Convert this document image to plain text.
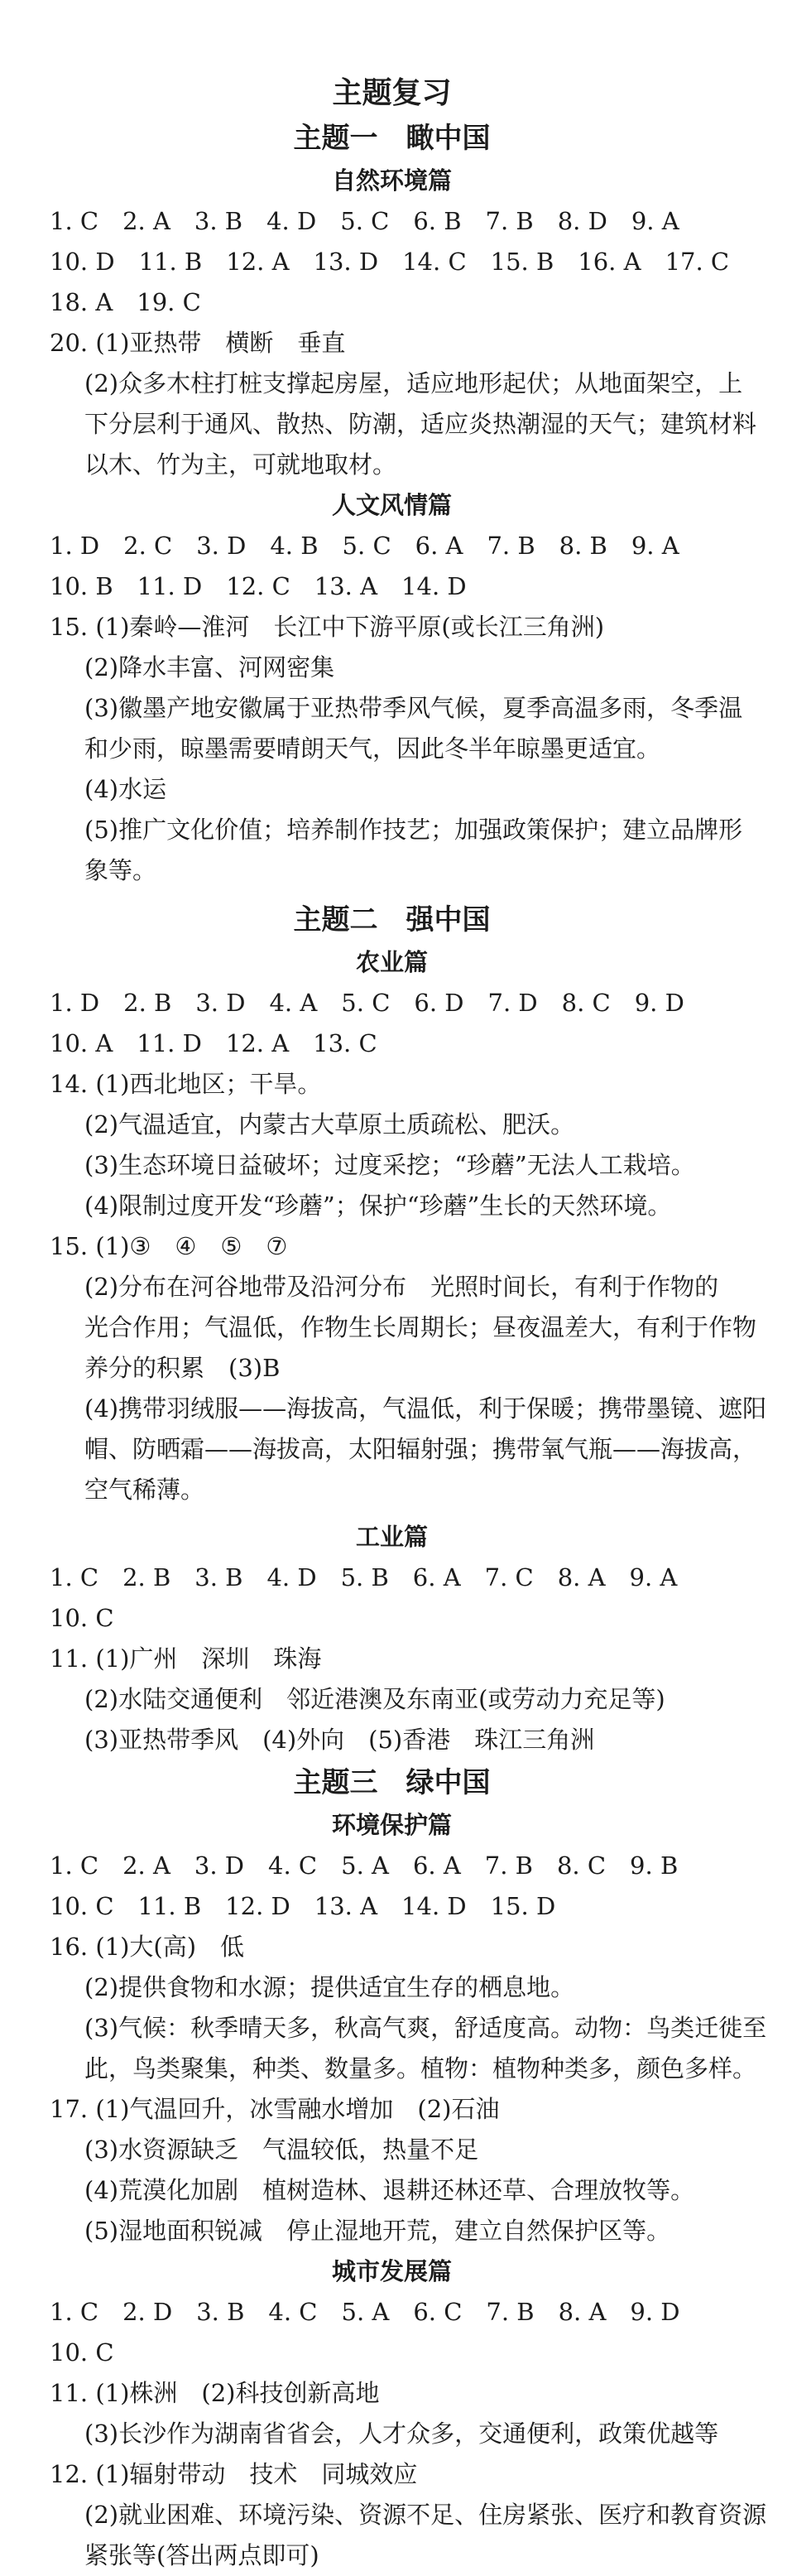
主题复习
主题一　瞰中国
自然环境篇
1. C　2. A　3. B　4. D　5. C　6. B　7. B　8. D　9. A
10. D　11. B　12. A　13. D　14. C　15. B　16. A　17. C
18. A　19. C
20. (1)亚热带　横断　垂直
(2)众多木柱打桩支撑起房屋，适应地形起伏；从地面架空，上
下分层利于通风、散热、防潮，适应炎热潮湿的天气；建筑材料
以木、竹为主，可就地取材。
人文风情篇
1. D　2. C　3. D　4. B　5. C　6. A　7. B　8. B　9. A
10. B　11. D　12. C　13. A　14. D
15. (1)秦岭—淮河　长江中下游平原(或长江三角洲)
(2)降水丰富、河网密集
(3)徽墨产地安徽属于亚热带季风气候，夏季高温多雨，冬季温
和少雨，晾墨需要晴朗天气，因此冬半年晾墨更适宜。
(4)水运
(5)推广文化价值；培养制作技艺；加强政策保护；建立品牌形
象等。
主题二　强中国
农业篇
1. D　2. B　3. D　4. A　5. C　6. D　7. D　8. C　9. D
10. A　11. D　12. A　13. C
14. (1)西北地区；干旱。
(2)气温适宜，内蒙古大草原土质疏松、肥沃。
(3)生态环境日益破坏；过度采挖；“珍蘑”无法人工栽培。
(4)限制过度开发“珍蘑”；保护“珍蘑”生长的天然环境。
15. (1)③　④　⑤　⑦
(2)分布在河谷地带及沿河分布　光照时间长，有利于作物的
光合作用；气温低，作物生长周期长；昼夜温差大，有利于作物
养分的积累　(3)B
(4)携带羽绒服——海拔高，气温低，利于保暖；携带墨镜、遮阳
帽、防晒霜——海拔高，太阳辐射强；携带氧气瓶——海拔高，
空气稀薄。
工业篇
1. C　2. B　3. B　4. D　5. B　6. A　7. C　8. A　9. A
10. C
11. (1)广州　深圳　珠海
(2)水陆交通便利　邻近港澳及东南亚(或劳动力充足等)
(3)亚热带季风　(4)外向　(5)香港　珠江三角洲
主题三　绿中国
环境保护篇
1. C　2. A　3. D　4. C　5. A　6. A　7. B　8. C　9. B
10. C　11. B　12. D　13. A　14. D　15. D
16. (1)大(高)　低
(2)提供食物和水源；提供适宜生存的栖息地。
(3)气候：秋季晴天多，秋高气爽，舒适度高。动物：鸟类迁徙至
此，鸟类聚集，种类、数量多。植物：植物种类多，颜色多样。
17. (1)气温回升，冰雪融水增加　(2)石油
(3)水资源缺乏　气温较低，热量不足
(4)荒漠化加剧　植树造林、退耕还林还草、合理放牧等。
(5)湿地面积锐减　停止湿地开荒，建立自然保护区等。
城市发展篇
1. C　2. D　3. B　4. C　5. A　6. C　7. B　8. A　9. D
10. C
11. (1)株洲　(2)科技创新高地
(3)长沙作为湖南省省会，人才众多，交通便利，政策优越等
12. (1)辐射带动　技术　同城效应
(2)就业困难、环境污染、资源不足、住房紧张、医疗和教育资源
紧张等(答出两点即可)
